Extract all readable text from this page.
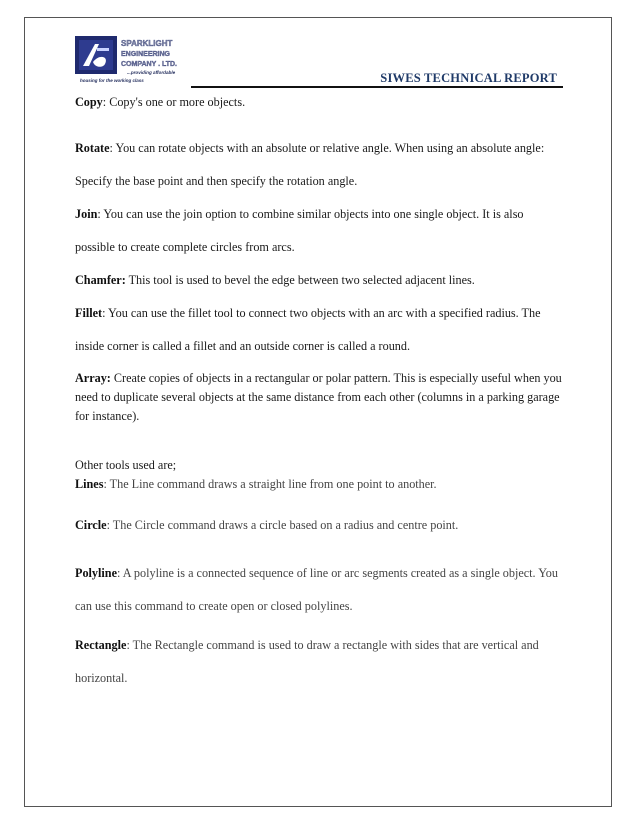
SPARKLIGHT
ENGINEERING
COMPANY . LTD.
...providing affordable
housing for the working class	SIWES TECHNICAL REPORT

Copy: Copy's one or more objects.

Rotate: You can rotate objects with an absolute or relative angle. When using an absolute angle: Specify the base point and then specify the rotation angle.

Join: You can use the join option to combine similar objects into one single object. It is also possible to create complete circles from arcs.

Chamfer: This tool is used to bevel the edge between two selected adjacent lines.

Fillet: You can use the fillet tool to connect two objects with an arc with a specified radius. The inside corner is called a fillet and an outside corner is called a round.

Array: Create copies of objects in a rectangular or polar pattern. This is especially useful when you need to duplicate several objects at the same distance from each other (columns in a parking garage for instance).

Other tools used are;

Lines: The Line command draws a straight line from one point to another.

Circle: The Circle command draws a circle based on a radius and centre point.

Polyline: A polyline is a connected sequence of line or arc segments created as a single object. You can use this command to create open or closed polylines.

Rectangle: The Rectangle command is used to draw a rectangle with sides that are vertical and horizontal.
